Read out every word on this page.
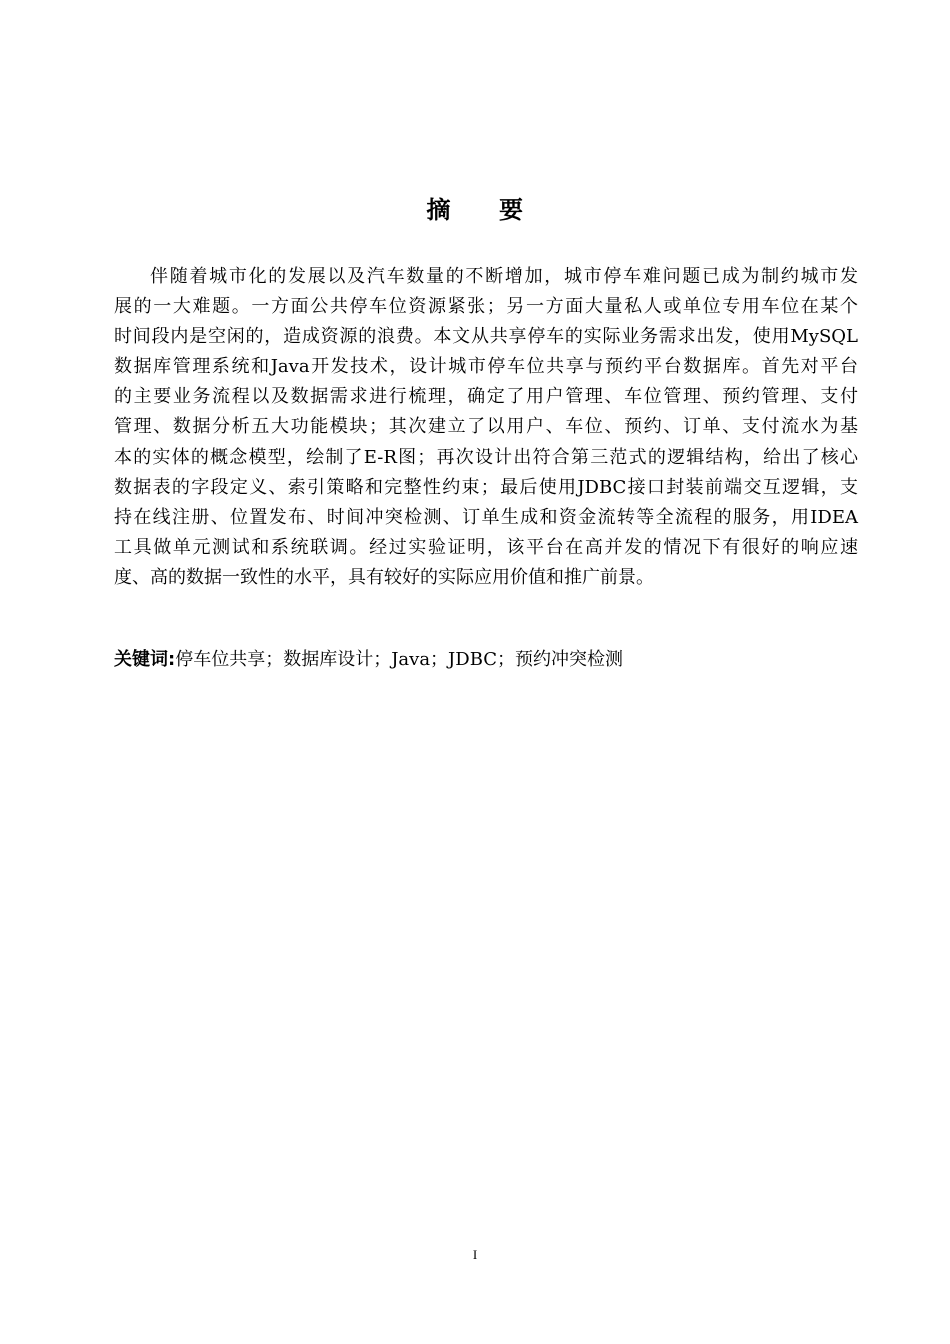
摘 要
伴随着城市化的发展以及汽车数量的不断增加，城市停车难问题已成为制约城市发
展的一大难题。一方面公共停车位资源紧张；另一方面大量私人或单位专用车位在某个
时间段内是空闲的，造成资源的浪费。本文从共享停车的实际业务需求出发，使用MySQL
数据库管理系统和Java开发技术，设计城市停车位共享与预约平台数据库。首先对平台
的主要业务流程以及数据需求进行梳理，确定了用户管理、车位管理、预约管理、支付
管理、数据分析五大功能模块；其次建立了以用户、车位、预约、订单、支付流水为基
本的实体的概念模型，绘制了E-R图；再次设计出符合第三范式的逻辑结构，给出了核心
数据表的字段定义、索引策略和完整性约束；最后使用JDBC接口封装前端交互逻辑，支
持在线注册、位置发布、时间冲突检测、订单生成和资金流转等全流程的服务，用IDEA
工具做单元测试和系统联调。经过实验证明，该平台在高并发的情况下有很好的响应速
度、高的数据一致性的水平，具有较好的实际应用价值和推广前景。
关键词:停车位共享；数据库设计；Java；JDBC；预约冲突检测
I
